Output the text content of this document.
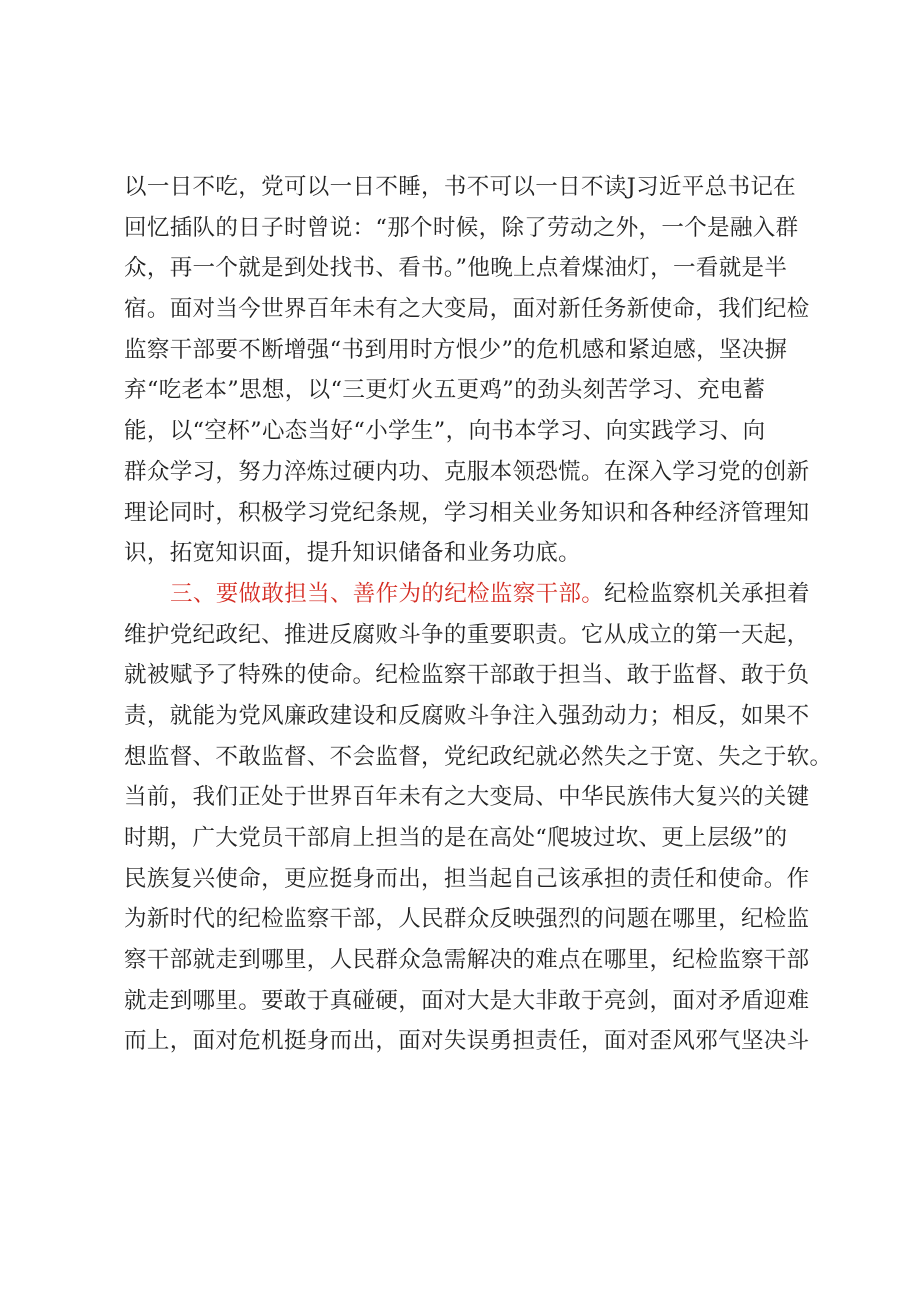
以一日不吃，党可以一日不睡，书不可以一日不读J习近平总书记在
回忆插队的日子时曾说：“那个时候，除了劳动之外，一个是融入群
众，再一个就是到处找书、看书。”他晚上点着煤油灯，一看就是半
宿。面对当今世界百年未有之大变局，面对新任务新使命，我们纪检
监察干部要不断增强“书到用时方恨少”的危机感和紧迫感，坚决摒
弃“吃老本”思想，以“三更灯火五更鸡”的劲头刻苦学习、充电蓄
能，以“空杯”心态当好“小学生”，向书本学习、向实践学习、向
群众学习，努力淬炼过硬内功、克服本领恐慌。在深入学习党的创新
理论同时，积极学习党纪条规，学习相关业务知识和各种经济管理知
识，拓宽知识面，提升知识储备和业务功底。
三、要做敢担当、善作为的纪检监察干部。纪检监察机关承担着
维护党纪政纪、推进反腐败斗争的重要职责。它从成立的第一天起，
就被赋予了特殊的使命。纪检监察干部敢于担当、敢于监督、敢于负
责，就能为党风廉政建设和反腐败斗争注入强劲动力；相反，如果不
想监督、不敢监督、不会监督，党纪政纪就必然失之于宽、失之于软。
当前，我们正处于世界百年未有之大变局、中华民族伟大复兴的关键
时期，广大党员干部肩上担当的是在高处“爬坡过坎、更上层级”的
民族复兴使命，更应挺身而出，担当起自己该承担的责任和使命。作
为新时代的纪检监察干部，人民群众反映强烈的问题在哪里，纪检监
察干部就走到哪里，人民群众急需解决的难点在哪里，纪检监察干部
就走到哪里。要敢于真碰硬，面对大是大非敢于亮剑，面对矛盾迎难
而上，面对危机挺身而出，面对失误勇担责任，面对歪风邪气坚决斗
